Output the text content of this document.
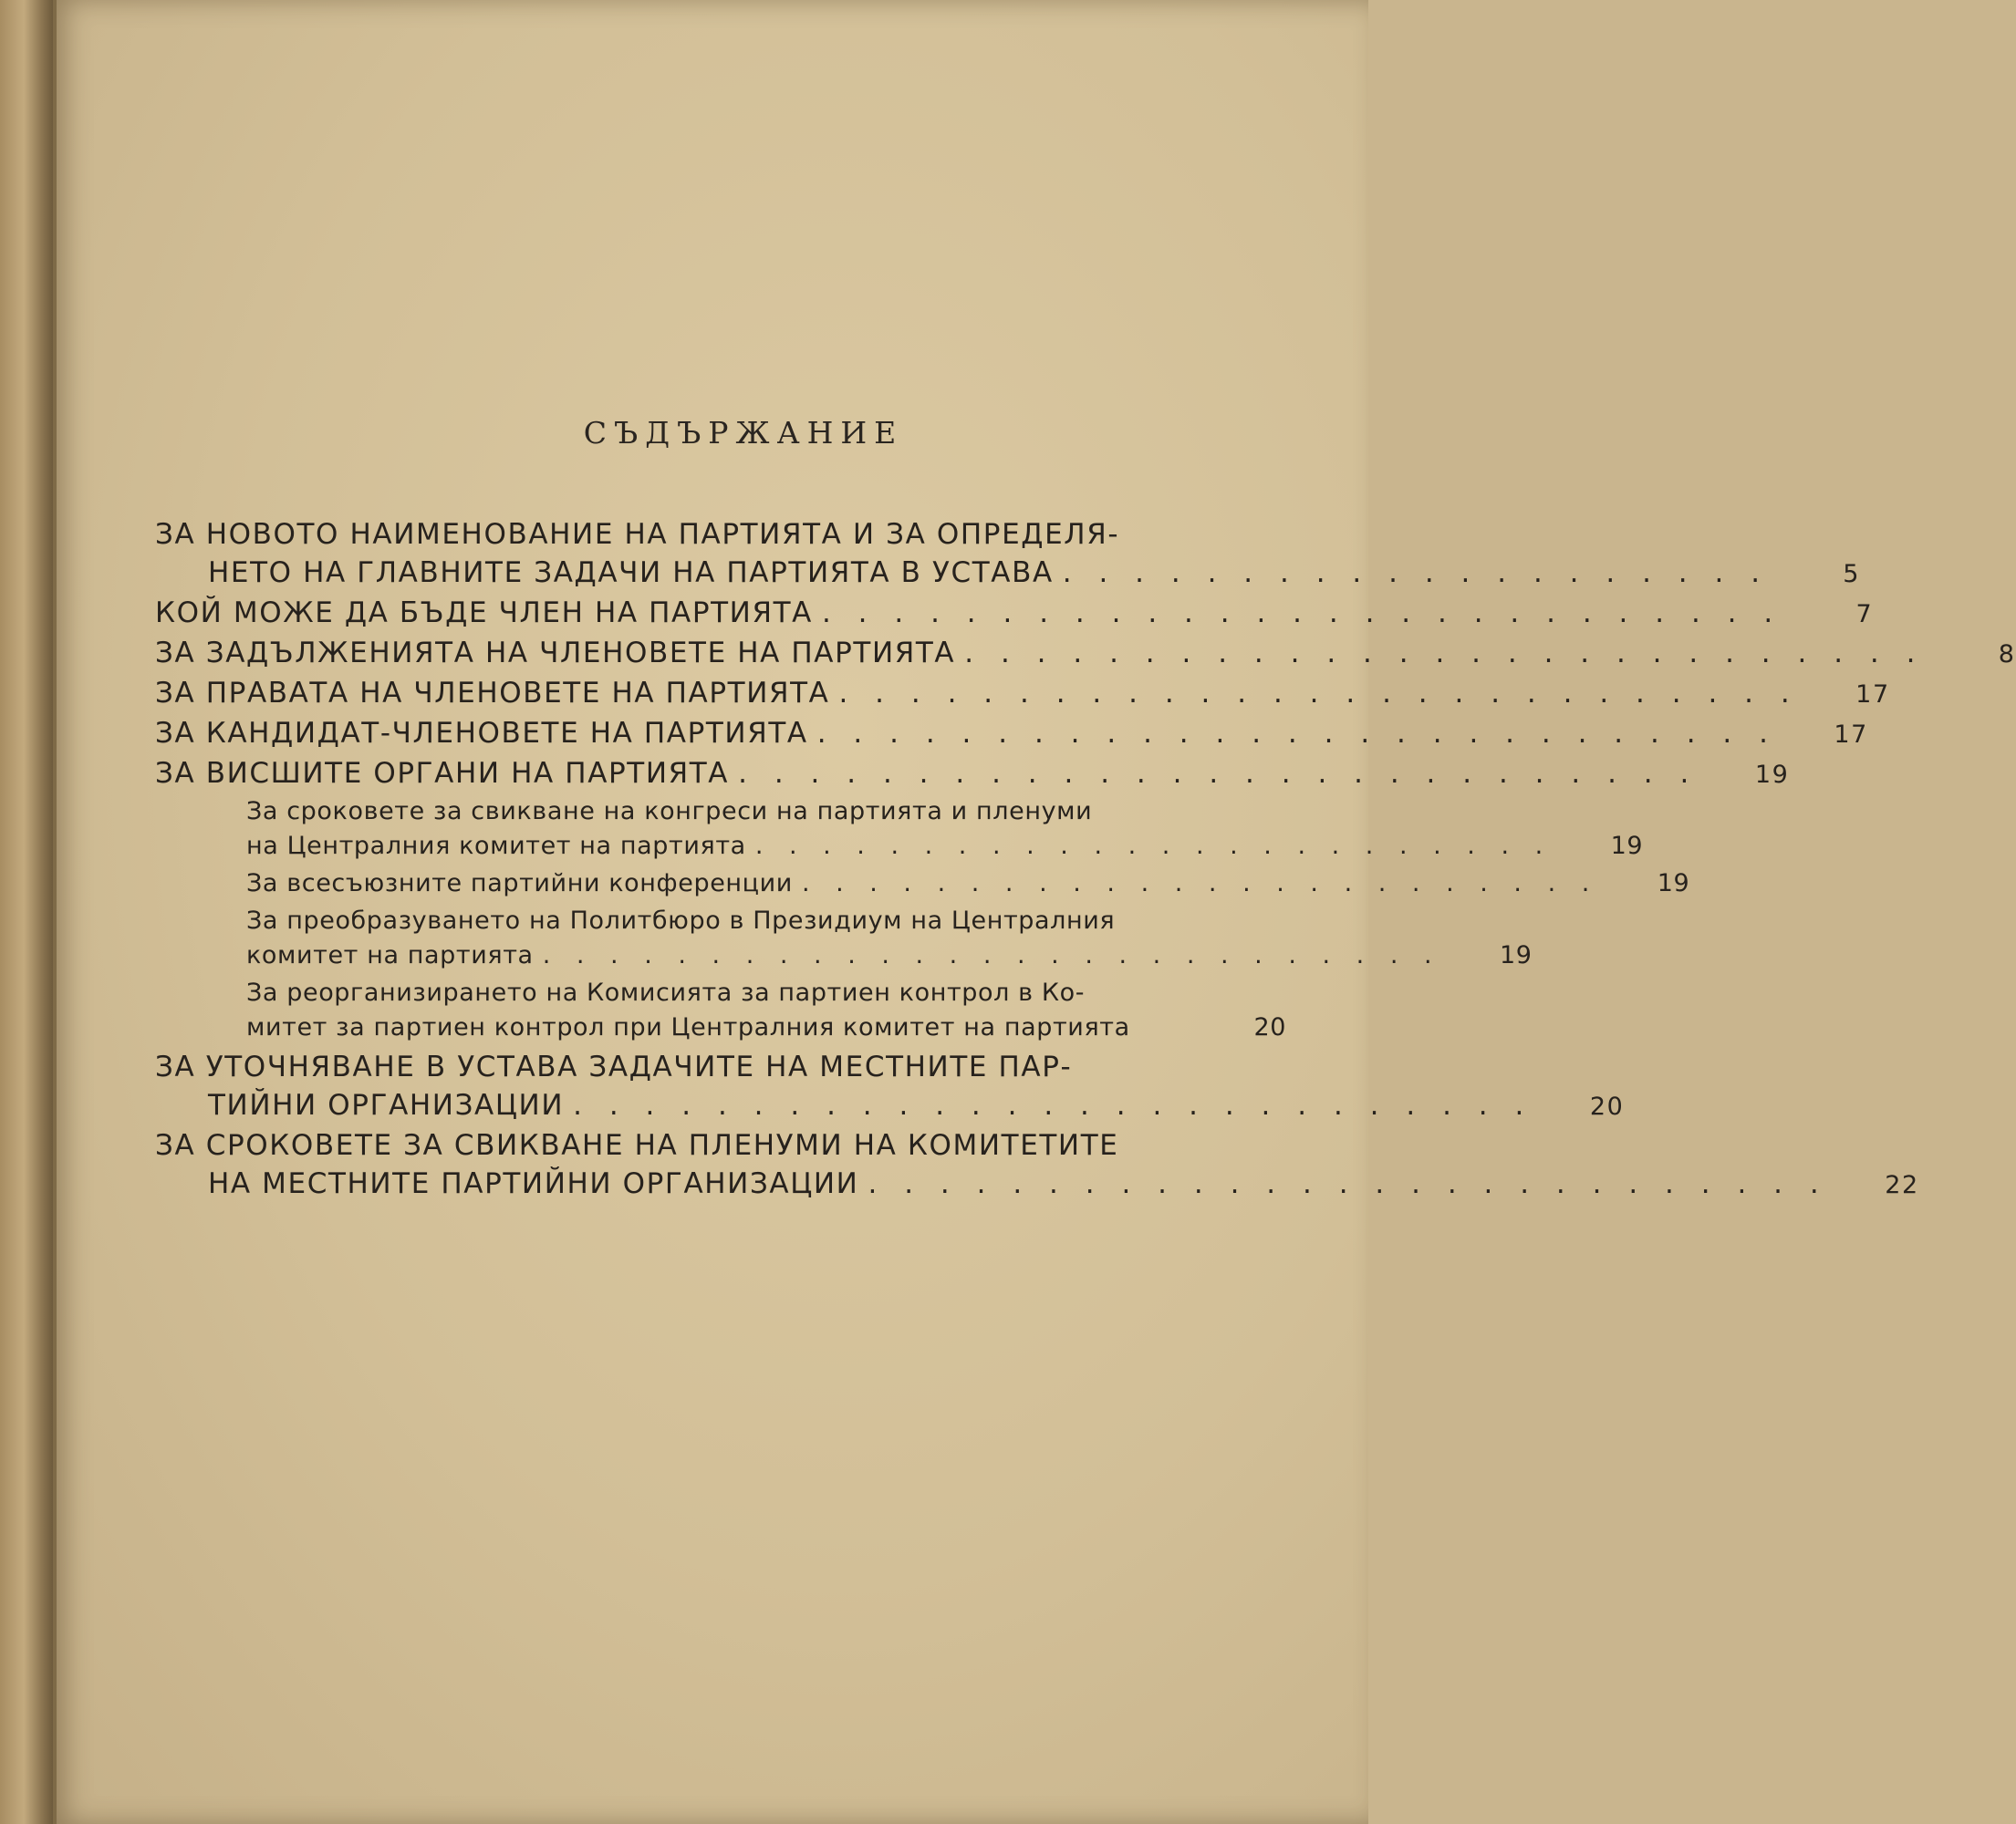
СЪДЪРЖАНИЕ
ЗА НОВОТО НАИМЕНОВАНИЕ НА ПАРТИЯТА И ЗА ОПРЕДЕЛЯ-
НЕТО НА ГЛАВНИТЕ ЗАДАЧИ НА ПАРТИЯТА В УСТАВА . . . . . . . . . . . . . . . . . . . .	5
КОЙ МОЖЕ ДА БЪДЕ ЧЛЕН НА ПАРТИЯТА . . . . . . . . . . . . . . . . . . . . . . . . . . .	7
ЗА ЗАДЪЛЖЕНИЯТА НА ЧЛЕНОВЕТЕ НА ПАРТИЯТА . . . . . . . . . . . . . . . . . . . . . . . . . . .	8
ЗА ПРАВАТА НА ЧЛЕНОВЕТЕ НА ПАРТИЯТА . . . . . . . . . . . . . . . . . . . . . . . . . . .	17
ЗА КАНДИДАТ-ЧЛЕНОВЕТЕ НА ПАРТИЯТА . . . . . . . . . . . . . . . . . . . . . . . . . . .	17
ЗА ВИСШИТЕ ОРГАНИ НА ПАРТИЯТА . . . . . . . . . . . . . . . . . . . . . . . . . . .	19
За сроковете за свикване на конгреси на партията и пленуми
на Централния комитет на партията . . . . . . . . . . . . . . . . . . . . . . . .	19
За всесъюзните партийни конференции . . . . . . . . . . . . . . . . . . . . . . . .	19
За преобразуването на Политбюро в Президиум на Централния
комитет на партията . . . . . . . . . . . . . . . . . . . . . . . . . . .	19
За реорганизирането на Комисията за партиен контрол в Ко-
митет за партиен контрол при Централния комитет на партията	20
ЗА УТОЧНЯВАНЕ В УСТАВА ЗАДАЧИТЕ НА МЕСТНИТЕ ПАР-
ТИЙНИ ОРГАНИЗАЦИИ . . . . . . . . . . . . . . . . . . . . . . . . . . .	20
ЗА СРОКОВЕТЕ ЗА СВИКВАНЕ НА ПЛЕНУМИ НА КОМИТЕТИТЕ
НА МЕСТНИТЕ ПАРТИЙНИ ОРГАНИЗАЦИИ . . . . . . . . . . . . . . . . . . . . . . . . . . .	22
